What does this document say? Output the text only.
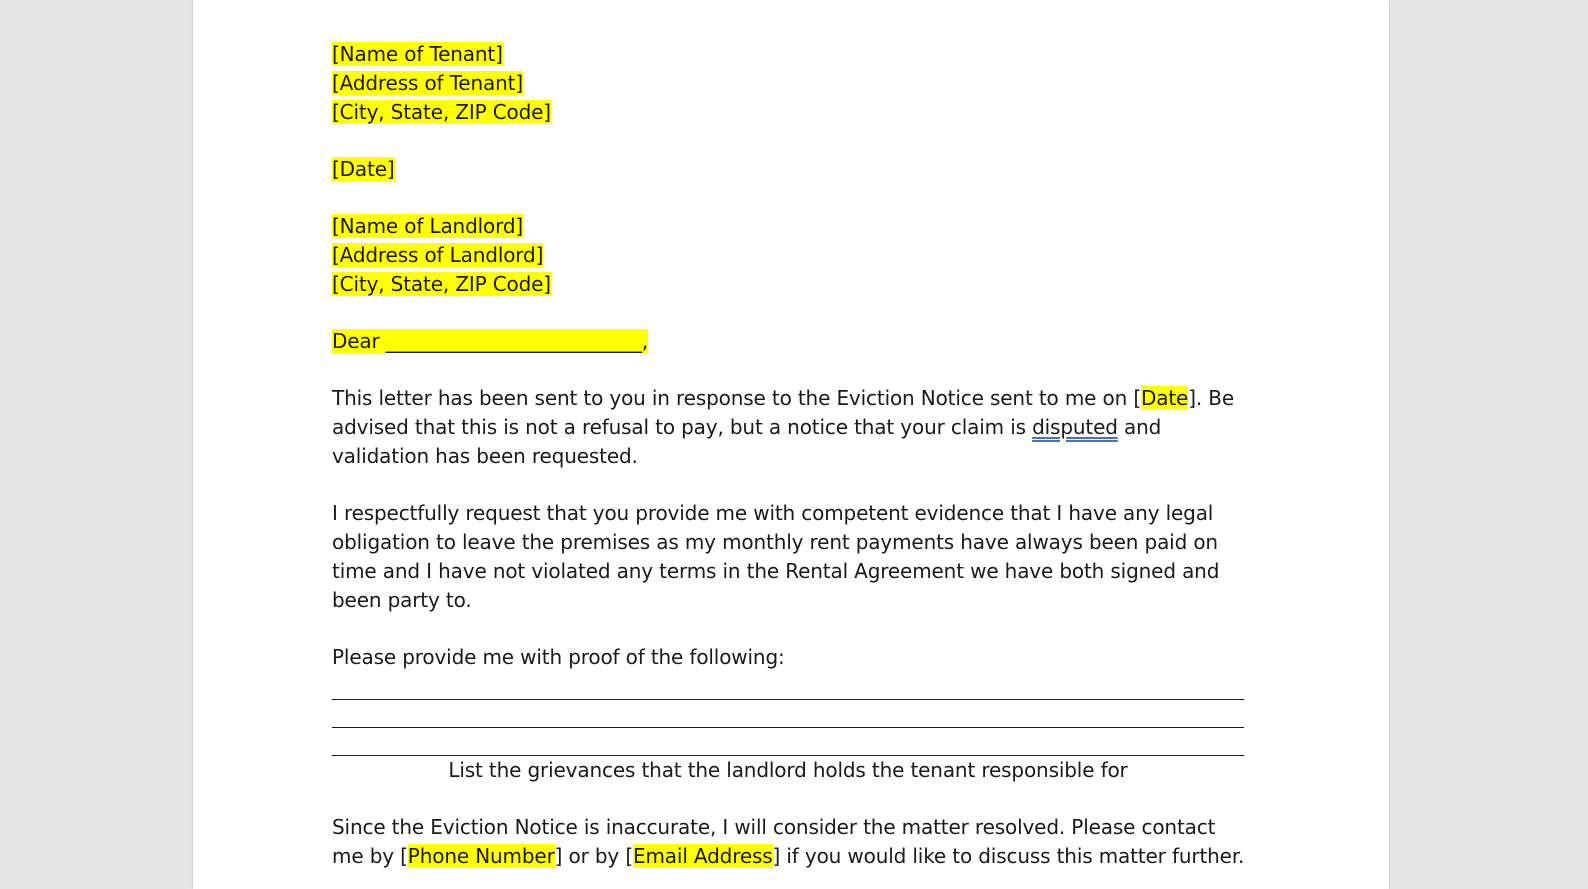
[Name of Tenant]
[Address of Tenant]
[City, State, ZIP Code]
[Date]
[Name of Landlord]
[Address of Landlord]
[City, State, ZIP Code]
Dear __________________________,

This letter has been sent to you in response to the Eviction Notice sent to me on [Date]. Be advised that this is not a refusal to pay, but a notice that your claim is disputed and validation has been requested.

I respectfully request that you provide me with competent evidence that I have any legal obligation to leave the premises as my monthly rent payments have always been paid on time and I have not violated any terms in the Rental Agreement we have both signed and been party to.

Please provide me with proof of the following:
List the grievances that the landlord holds the tenant responsible for

Since the Eviction Notice is inaccurate, I will consider the matter resolved. Please contact me by [Phone Number] or by [Email Address] if you would like to discuss this matter further.
